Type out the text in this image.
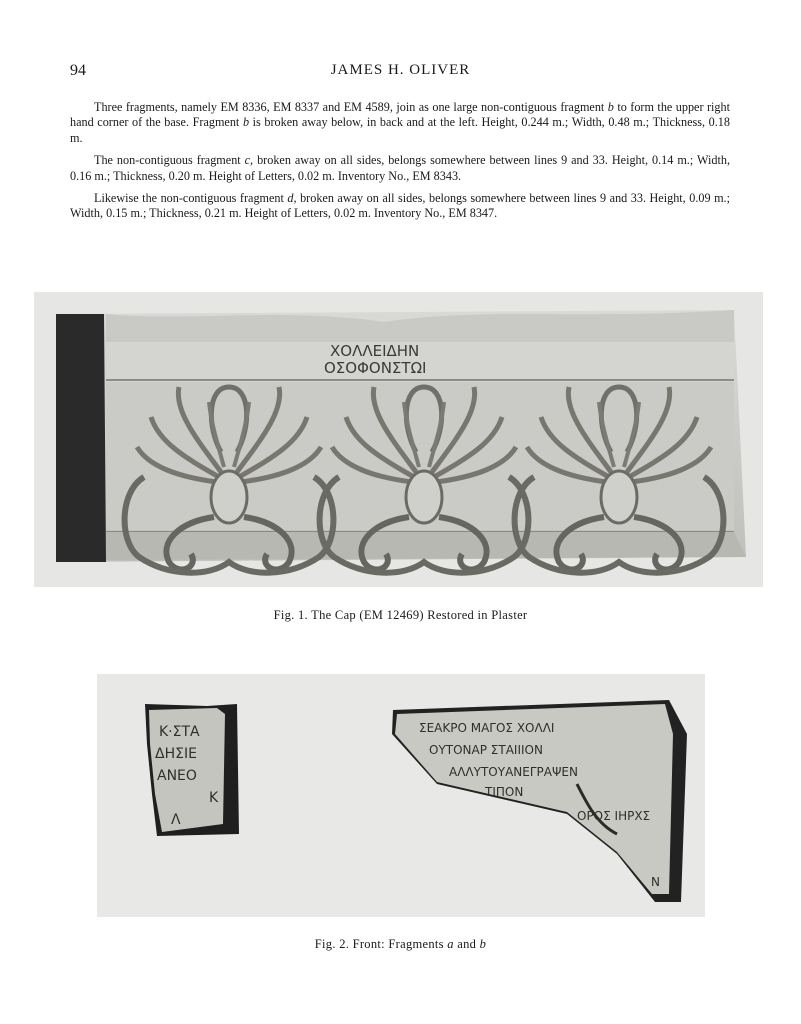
94	JAMES H. OLIVER

Three fragments, namely EM 8336, EM 8337 and EM 4589, join as one large non-contiguous fragment b to form the upper right hand corner of the base. Fragment b is broken away below, in back and at the left. Height, 0.244 m.; Width, 0.48 m.; Thickness, 0.18 m.

The non-contiguous fragment c, broken away on all sides, belongs somewhere between lines 9 and 33. Height, 0.14 m.; Width, 0.16 m.; Thickness, 0.20 m. Height of Letters, 0.02 m. Inventory No., EM 8343.

Likewise the non-contiguous fragment d, broken away on all sides, belongs somewhere between lines 9 and 33. Height, 0.09 m.; Width, 0.15 m.; Thickness, 0.21 m. Height of Letters, 0.02 m. Inventory No., EM 8347.

ΧΟΛΛΕΙΔΗΝ
ΟΣΟΦΟΝΣΤΩΙ
Fig. 1. The Cap (EM 12469) Restored in Plaster
Κ·ΣΤΑ
ΔΗΣΙΕ
ΑΝΕΟ
Κ
Λ
ΣΕΑΚΡΟ ΜΑΓΟΣ ΧΟΛΛΙ
ΟΥΤΟΝΑΡ ΣΤΑΙΙΙΟΝ
ΑΛΛΥΤΟΥΑΝΕΓΡΑΨΕΝ
ΤΙΠΟΝ
ΟΡΟΣ ΙΗΡΧΣ
Ν
Fig. 2. Front: Fragments a and b
